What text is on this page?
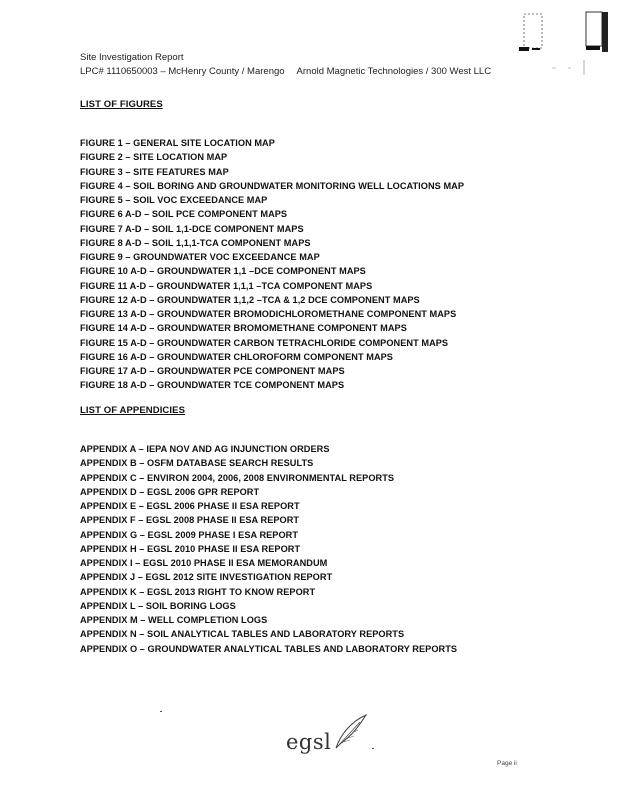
Site Investigation Report
LPC# 1110650003 – McHenry County / Marengo Arnold Magnetic Technologies / 300 West LLC
LIST OF FIGURES
FIGURE 1 – GENERAL SITE LOCATION MAP
FIGURE 2 – SITE LOCATION MAP
FIGURE 3 – SITE FEATURES MAP
FIGURE 4 – SOIL BORING AND GROUNDWATER MONITORING WELL LOCATIONS MAP
FIGURE 5 – SOIL VOC EXCEEDANCE MAP
FIGURE 6 A-D – SOIL PCE COMPONENT MAPS
FIGURE 7 A-D – SOIL 1,1-DCE COMPONENT MAPS
FIGURE 8 A-D – SOIL 1,1,1-TCA COMPONENT MAPS
FIGURE 9 – GROUNDWATER VOC EXCEEDANCE MAP
FIGURE 10 A-D – GROUNDWATER 1,1 –DCE COMPONENT MAPS
FIGURE 11 A-D – GROUNDWATER 1,1,1 –TCA COMPONENT MAPS
FIGURE 12 A-D – GROUNDWATER 1,1,2 –TCA & 1,2 DCE COMPONENT MAPS
FIGURE 13 A-D – GROUNDWATER BROMODICHLOROMETHANE COMPONENT MAPS
FIGURE 14 A-D – GROUNDWATER BROMOMETHANE COMPONENT MAPS
FIGURE 15 A-D – GROUNDWATER CARBON TETRACHLORIDE COMPONENT MAPS
FIGURE 16 A-D – GROUNDWATER CHLOROFORM COMPONENT MAPS
FIGURE 17 A-D – GROUNDWATER PCE COMPONENT MAPS
FIGURE 18 A-D – GROUNDWATER TCE COMPONENT MAPS
LIST OF APPENDICIES
APPENDIX A – IEPA NOV AND AG INJUNCTION ORDERS
APPENDIX B – OSFM DATABASE SEARCH RESULTS
APPENDIX C – ENVIRON 2004, 2006, 2008 ENVIRONMENTAL REPORTS
APPENDIX D – EGSL 2006 GPR REPORT
APPENDIX E – EGSL 2006 PHASE II ESA REPORT
APPENDIX F – EGSL 2008 PHASE II ESA REPORT
APPENDIX G – EGSL 2009 PHASE I ESA REPORT
APPENDIX H – EGSL 2010 PHASE II ESA REPORT
APPENDIX I – EGSL 2010 PHASE II ESA MEMORANDUM
APPENDIX J – EGSL 2012 SITE INVESTIGATION REPORT
APPENDIX K – EGSL 2013 RIGHT TO KNOW REPORT
APPENDIX L – SOIL BORING LOGS
APPENDIX M – WELL COMPLETION LOGS
APPENDIX N – SOIL ANALYTICAL TABLES AND LABORATORY REPORTS
APPENDIX O – GROUNDWATER ANALYTICAL TABLES AND LABORATORY REPORTS
egsl
Page ii
